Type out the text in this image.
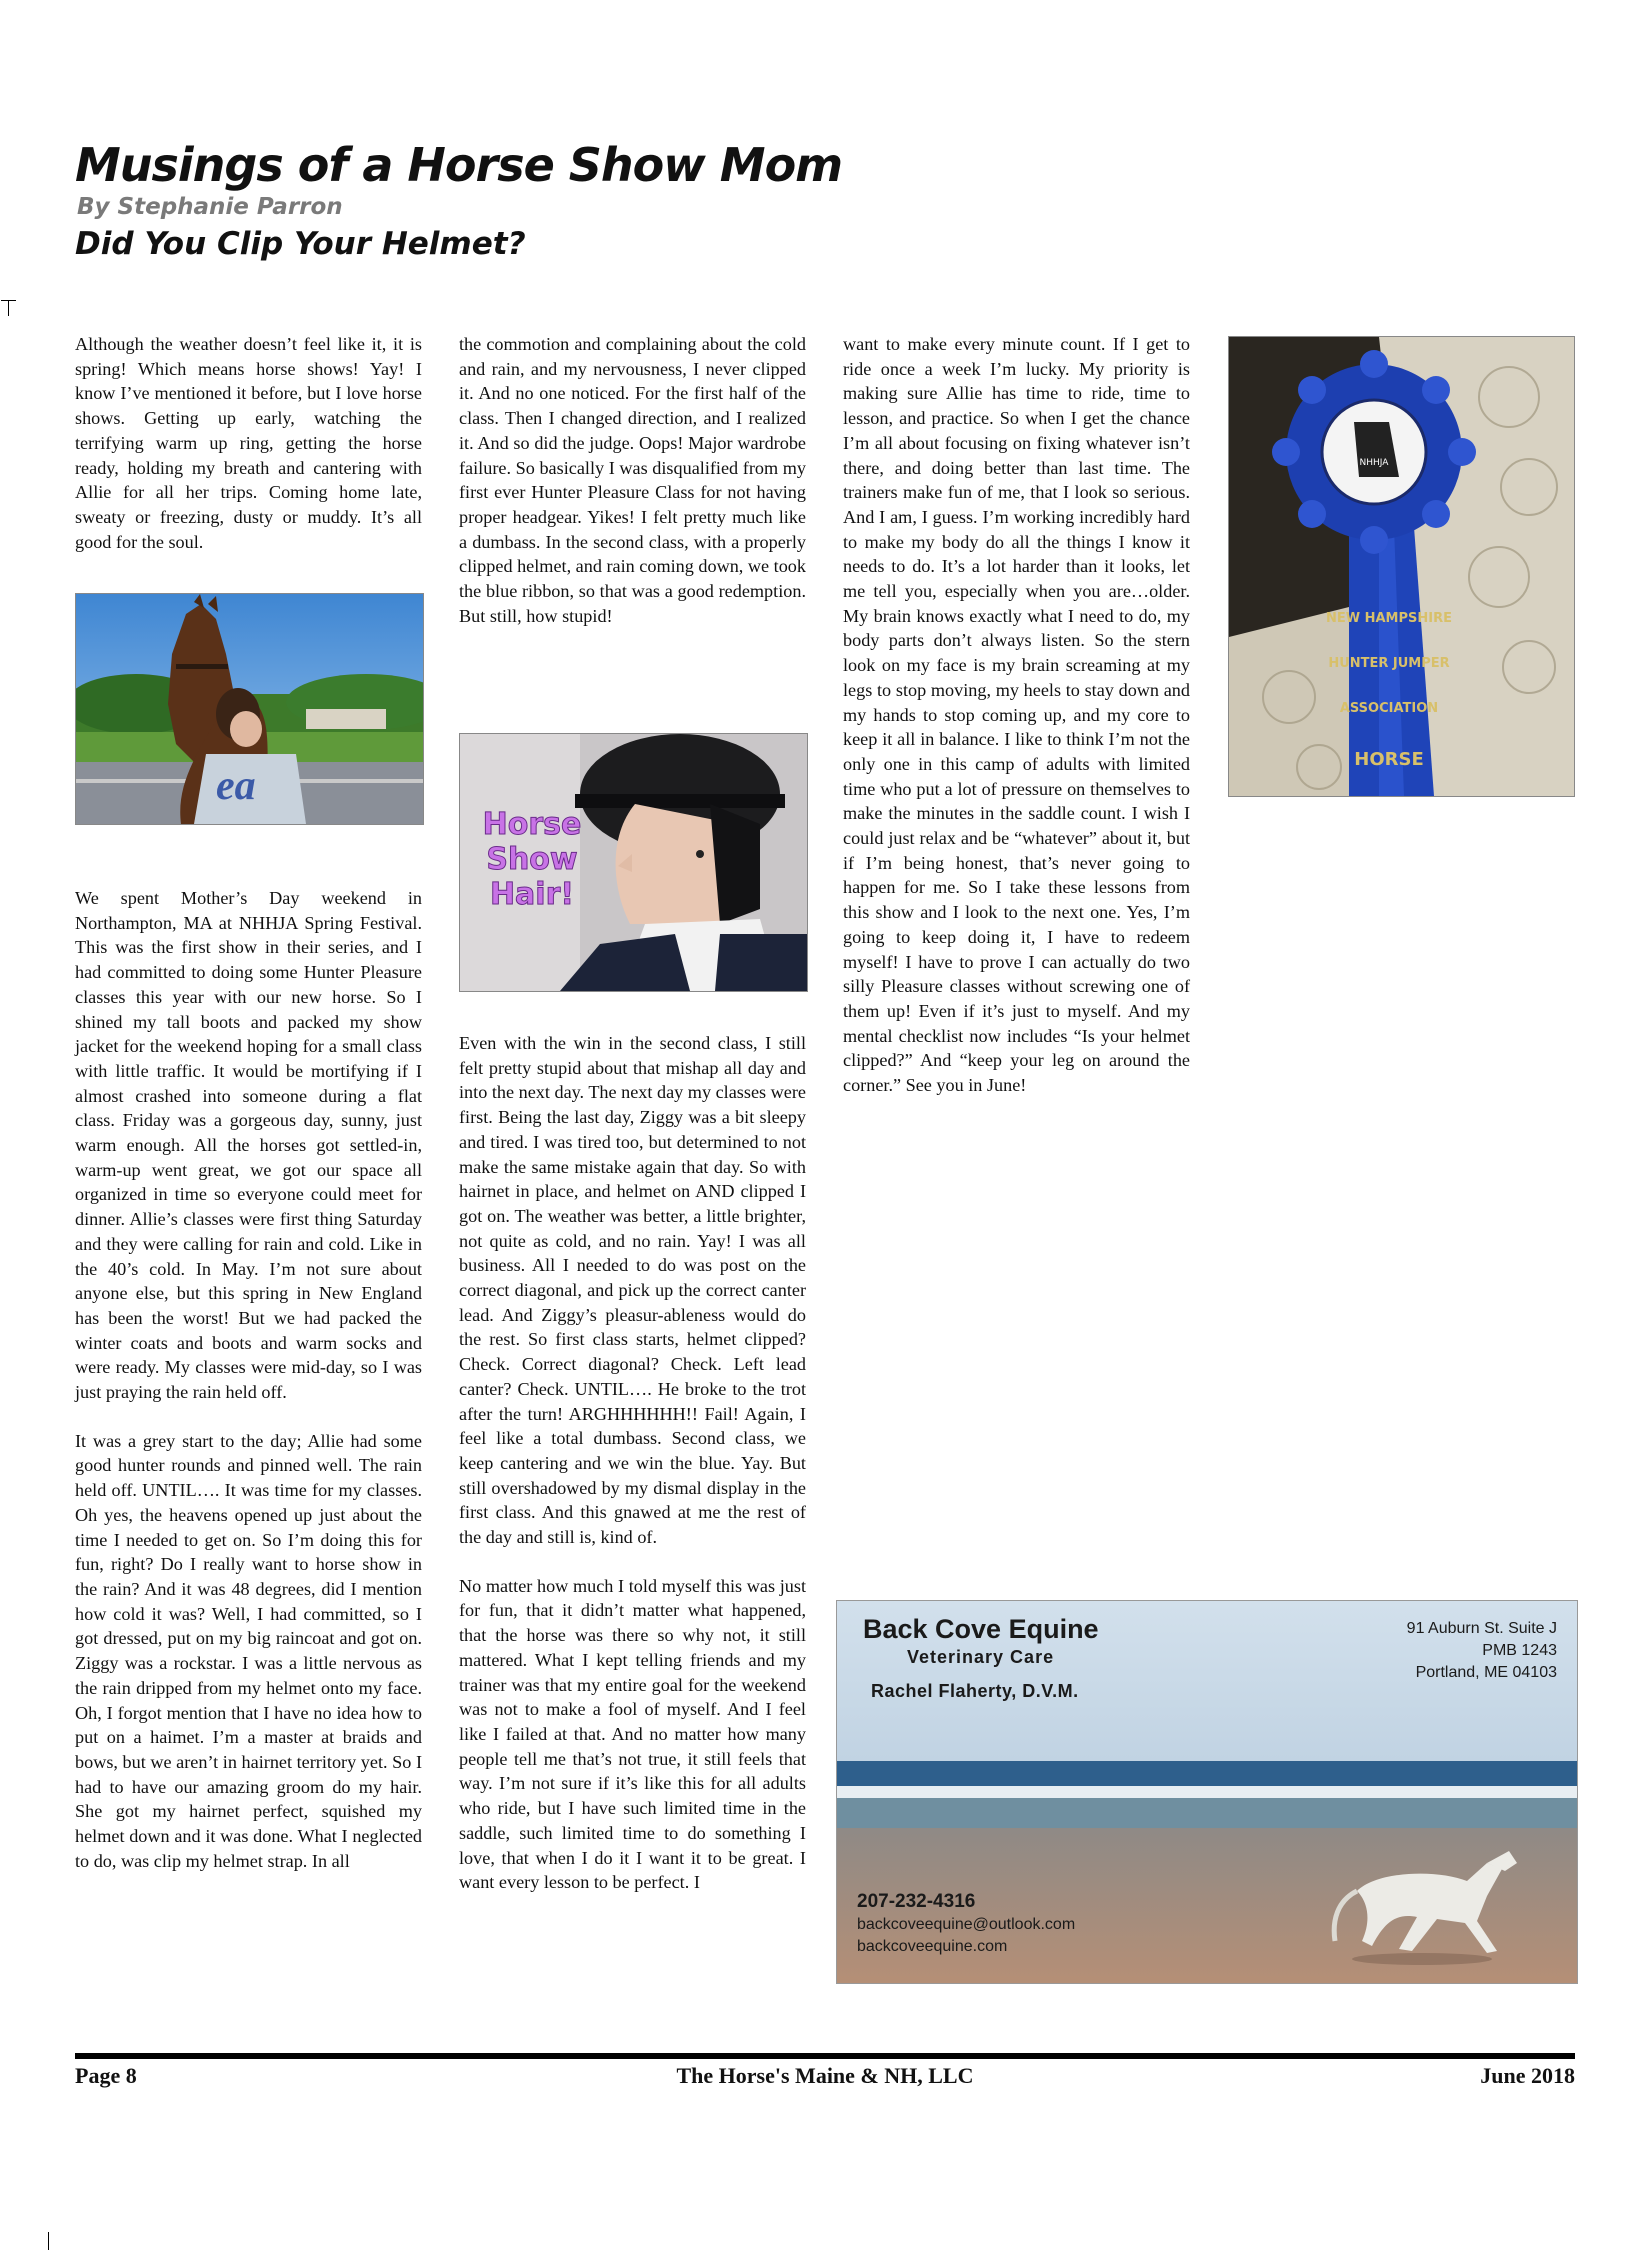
Musings of a Horse Show Mom
By Stephanie Parron
Did You Clip Your Helmet?

Although the weather doesn’t feel like it, it is spring! Which means horse shows! Yay! I know I’ve mentioned it before, but I love horse shows. Getting up early, watching the terrifying warm up ring, getting the horse ready, holding my breath and cantering with Allie for all her trips. Coming home late, sweaty or freezing, dusty or muddy. It’s all good for the soul.

ea

We spent Mother’s Day weekend in Northampton, MA at NHHJA Spring Festival. This was the first show in their series, and I had committed to doing some Hunter Pleasure classes this year with our new horse. So I shined my tall boots and packed my show jacket for the weekend hoping for a small class with little traffic. It would be mortifying if I almost crashed into someone during a flat class. Friday was a gorgeous day, sunny, just warm enough. All the horses got settled-in, warm-up went great, we got our space all organized in time so everyone could meet for dinner. Allie’s classes were first thing Saturday and they were calling for rain and cold. Like in the 40’s cold. In May. I’m not sure about anyone else, but this spring in New England has been the worst! But we had packed the winter coats and boots and warm socks and were ready. My classes were mid-day, so I was just praying the rain held off.

It was a grey start to the day; Allie had some good hunter rounds and pinned well. The rain held off. UNTIL…. It was time for my classes. Oh yes, the heavens opened up just about the time I needed to get on. So I’m doing this for fun, right? Do I really want to horse show in the rain? And it was 48 degrees, did I mention how cold it was? Well, I had committed, so I got dressed, put on my big raincoat and got on. Ziggy was a rockstar. I was a little nervous as the rain dripped from my helmet onto my face. Oh, I forgot mention that I have no idea how to put on a haimet. I’m a master at braids and bows, but we aren’t in hairnet territory yet. So I had to have our amazing groom do my hair. She got my hairnet perfect, squished my helmet down and it was done. What I neglected to do, was clip my helmet strap. In all

the commotion and complaining about the cold and rain, and my nervousness, I never clipped it. And no one noticed. For the first half of the class. Then I changed direction, and I realized it. And so did the judge. Oops! Major wardrobe failure. So basically I was disqualified from my first ever Hunter Pleasure Class for not having proper headgear. Yikes! I felt pretty much like a dumbass. In the second class, with a properly clipped helmet, and rain coming down, we took the blue ribbon, so that was a good redemption. But still, how stupid!

Horse
Show
Hair!

Even with the win in the second class, I still felt pretty stupid about that mishap all day and into the next day. The next day my classes were first. Being the last day, Ziggy was a bit sleepy and tired. I was tired too, but determined to not make the same mistake again that day. So with hairnet in place, and helmet on AND clipped I got on. The weather was better, a little brighter, not quite as cold, and no rain. Yay! I was all business. All I needed to do was post on the correct diagonal, and pick up the correct canter lead. And Ziggy’s pleasur-ableness would do the rest. So first class starts, helmet clipped? Check. Correct diagonal? Check. Left lead canter? Check. UNTIL…. He broke to the trot after the turn! ARGHHHHHH!! Fail! Again, I feel like a total dumbass. Second class, we keep cantering and we win the blue. Yay. But still overshadowed by my dismal display in the first class. And this gnawed at me the rest of the day and still is, kind of.

No matter how much I told myself this was just for fun, that it didn’t matter what happened, that the horse was there so why not, it still mattered. What I kept telling friends and my trainer was that my entire goal for the weekend was not to make a fool of myself. And I feel like I failed at that. And no matter how many people tell me that’s not true, it still feels that way. I’m not sure if it’s like this for all adults who ride, but I have such limited time in the saddle, such limited time to do something I love, that when I do it I want it to be great. I want every lesson to be perfect. I

want to make every minute count. If I get to ride once a week I’m lucky. My priority is making sure Allie has time to ride, time to lesson, and practice. So when I get the chance I’m all about focusing on fixing whatever isn’t there, and doing better than last time. The trainers make fun of me, that I look so serious. And I am, I guess. I’m working incredibly hard to make my body do all the things I know it needs to do. It’s a lot harder than it looks, let me tell you, especially when you are…older. My brain knows exactly what I need to do, my body parts don’t always listen. So the stern look on my face is my brain screaming at my legs to stop moving, my heels to stay down and my hands to stop coming up, and my core to keep it all in balance. I like to think I’m not the only one in this camp of adults with limited time who put a lot of pressure on themselves to make the minutes in the saddle count. I wish I could just relax and be “whatever” about it, but if I’m being honest, that’s never going to happen for me. So I take these lessons from this show and I look to the next one. Yes, I’m going to keep doing it, I have to redeem myself! I have to prove I can actually do two silly Pleasure classes without screwing one of them up! Even if it’s just to myself. And my mental checklist now includes “Is your helmet clipped?” And “keep your leg on around the corner.” See you in June!

NHHJA
NEW HAMPSHIRE
HUNTER JUMPER
ASSOCIATION
HORSE
Back Cove Equine
Veterinary Care
Rachel Flaherty, D.V.M.
91 Auburn St. Suite J
PMB 1243
Portland, ME 04103
207-232-4316
backcoveequine@outlook.com
backcoveequine.com
Page 8	The Horse's Maine & NH, LLC	June 2018
